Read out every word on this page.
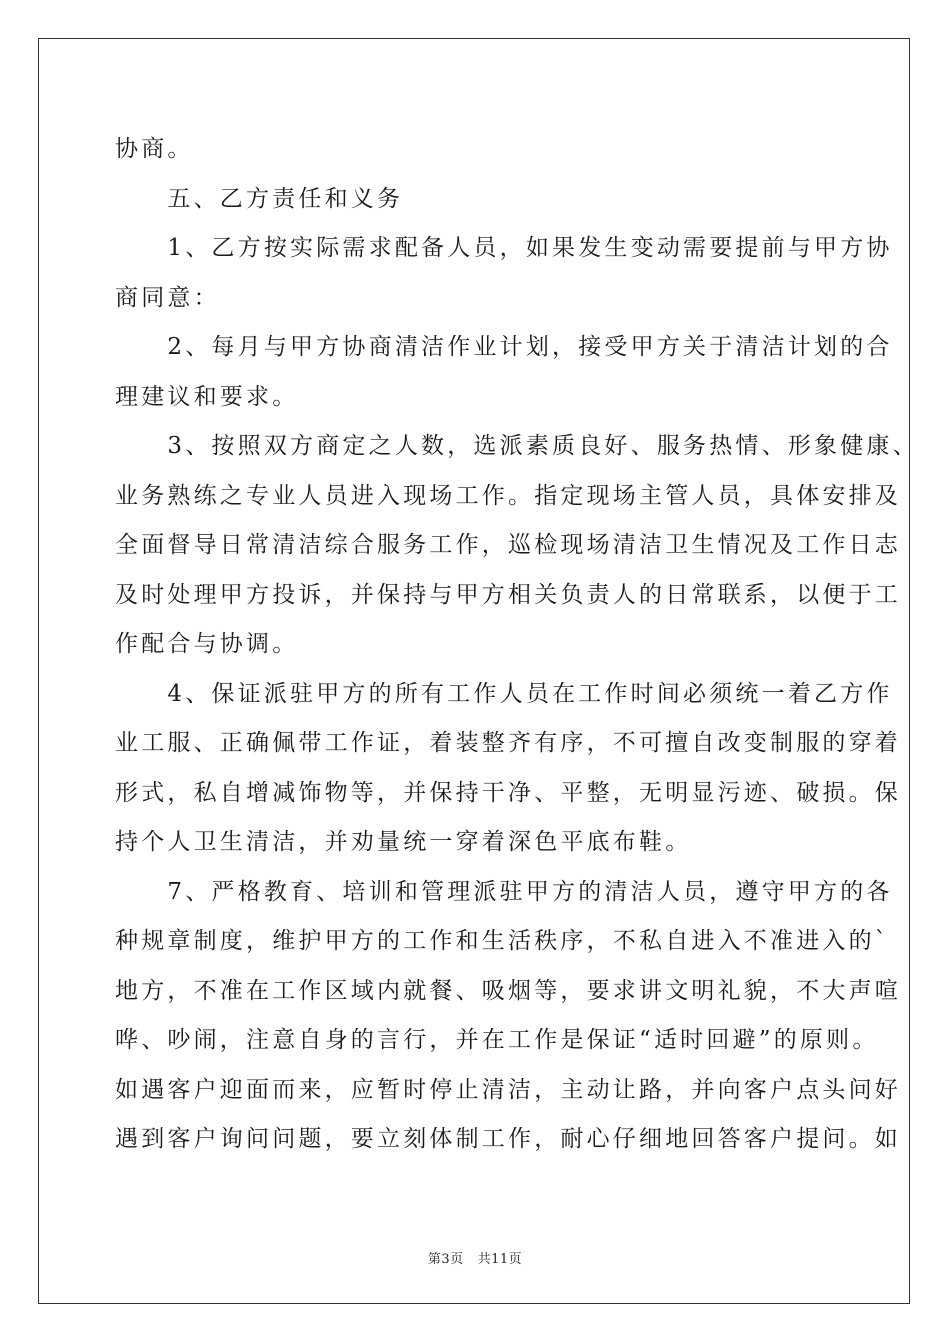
协商。
　　五、乙方责任和义务
　　1、乙方按实际需求配备人员，如果发生变动需要提前与甲方协
商同意：
　　2、每月与甲方协商清洁作业计划，接受甲方关于清洁计划的合
理建议和要求。
　　3、按照双方商定之人数，选派素质良好、服务热情、形象健康、
业务熟练之专业人员进入现场工作。指定现场主管人员，具体安排及
全面督导日常清洁综合服务工作，巡检现场清洁卫生情况及工作日志
及时处理甲方投诉，并保持与甲方相关负责人的日常联系，以便于工
作配合与协调。
　　4、保证派驻甲方的所有工作人员在工作时间必须统一着乙方作
业工服、正确佩带工作证，着装整齐有序，不可擅自改变制服的穿着
形式，私自增减饰物等，并保持干净、平整，无明显污迹、破损。保
持个人卫生清洁，并劝量统一穿着深色平底布鞋。
　　7、严格教育、培训和管理派驻甲方的清洁人员，遵守甲方的各
种规章制度，维护甲方的工作和生活秩序，不私自进入不准进入的`
地方，不准在工作区域内就餐、吸烟等，要求讲文明礼貌，不大声喧
哗、吵闹，注意自身的言行，并在工作是保证“适时回避”的原则。
如遇客户迎面而来，应暂时停止清洁，主动让路，并向客户点头问好
遇到客户询问问题，要立刻体制工作，耐心仔细地回答客户提问。如
第3页 共11页
